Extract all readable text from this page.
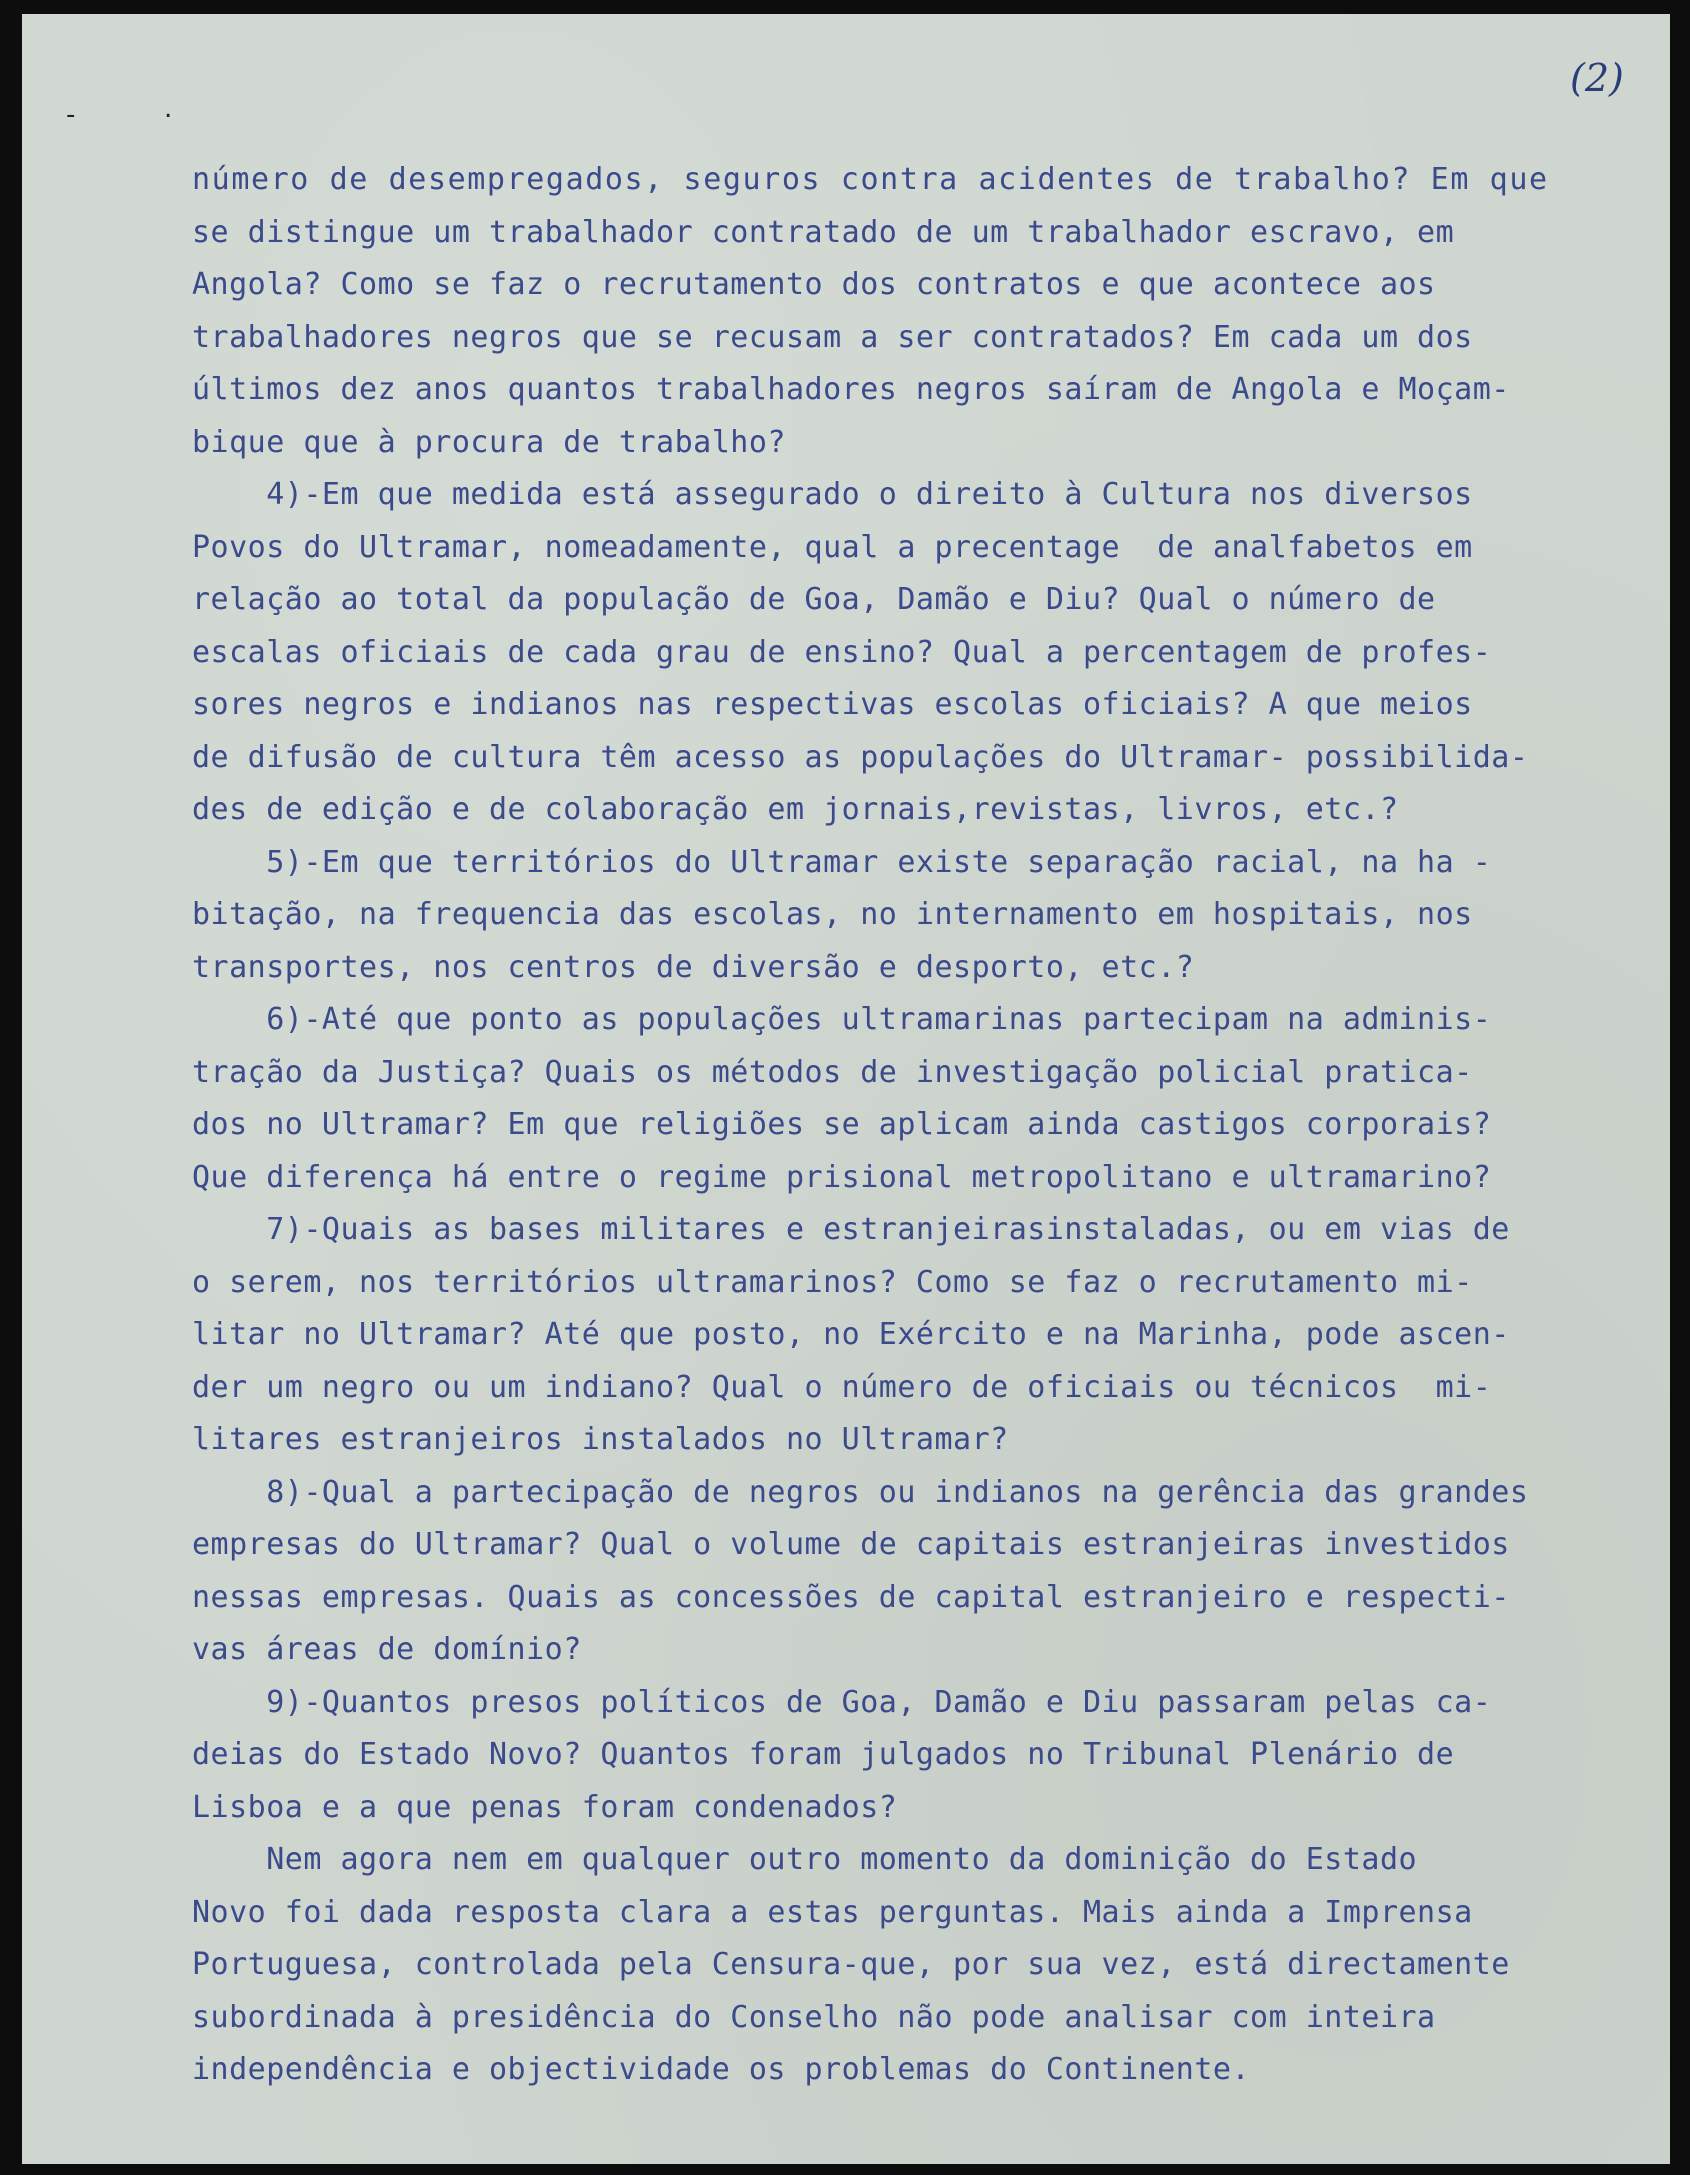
(2)
-	.
número de desempregados, seguros contra acidentes de trabalho? Em que
se distingue um trabalhador contratado de um trabalhador escravo, em
Angola? Como se faz o recrutamento dos contratos e que acontece aos
trabalhadores negros que se recusam a ser contratados? Em cada um dos
últimos dez anos quantos trabalhadores negros saíram de Angola e Moçam-
bique que à procura de trabalho?
4)-Em que medida está assegurado o direito à Cultura nos diversos
Povos do Ultramar, nomeadamente, qual a precentage  de analfabetos em
relação ao total da população de Goa, Damão e Diu? Qual o número de
escalas oficiais de cada grau de ensino? Qual a percentagem de profes-
sores negros e indianos nas respectivas escolas oficiais? A que meios
de difusão de cultura têm acesso as populações do Ultramar- possibilida-
des de edição e de colaboração em jornais,revistas, livros, etc.?
5)-Em que territórios do Ultramar existe separação racial, na ha -
bitação, na frequencia das escolas, no internamento em hospitais, nos
transportes, nos centros de diversão e desporto, etc.?
6)-Até que ponto as populações ultramarinas partecipam na adminis-
tração da Justiça? Quais os métodos de investigação policial pratica-
dos no Ultramar? Em que religiões se aplicam ainda castigos corporais?
Que diferença há entre o regime prisional metropolitano e ultramarino?
7)-Quais as bases militares e estranjeirasinstaladas, ou em vias de
o serem, nos territórios ultramarinos? Como se faz o recrutamento mi-
litar no Ultramar? Até que posto, no Exército e na Marinha, pode ascen-
der um negro ou um indiano? Qual o número de oficiais ou técnicos  mi-
litares estranjeiros instalados no Ultramar?
8)-Qual a partecipação de negros ou indianos na gerência das grandes
empresas do Ultramar? Qual o volume de capitais estranjeiras investidos
nessas empresas. Quais as concessões de capital estranjeiro e respecti-
vas áreas de domínio?
9)-Quantos presos políticos de Goa, Damão e Diu passaram pelas ca-
deias do Estado Novo? Quantos foram julgados no Tribunal Plenário de
Lisboa e a que penas foram condenados?
Nem agora nem em qualquer outro momento da dominição do Estado
Novo foi dada resposta clara a estas perguntas. Mais ainda a Imprensa
Portuguesa, controlada pela Censura-que, por sua vez, está directamente
subordinada à presidência do Conselho não pode analisar com inteira
independência e objectividade os problemas do Continente.
